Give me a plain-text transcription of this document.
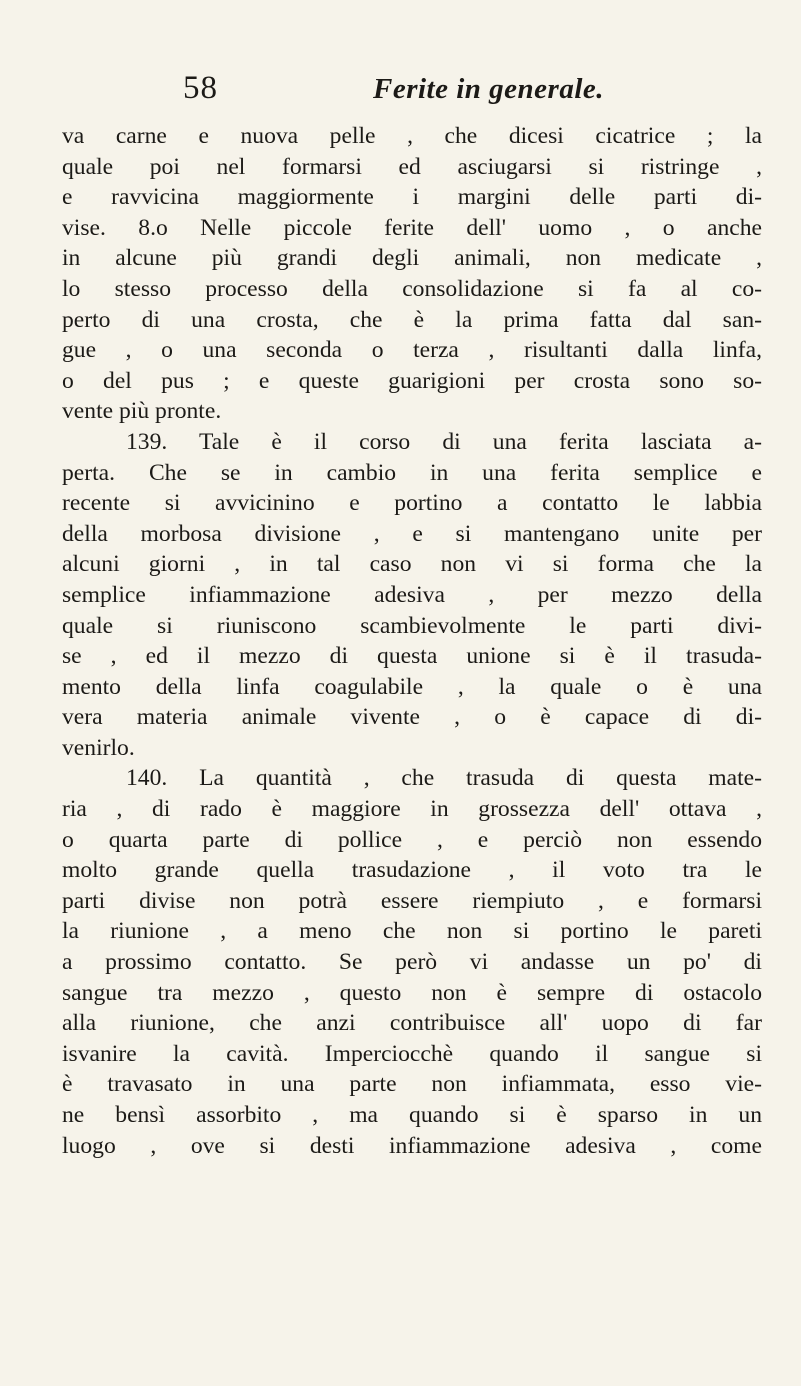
58	Ferite in generale.
va carne e nuova pelle , che dicesi cicatrice ; la
quale poi nel formarsi ed asciugarsi si ristringe ,
e ravvicina maggiormente i margini delle parti di-
vise. 8.o Nelle piccole ferite dell' uomo , o anche
in alcune più grandi degli animali, non medicate ,
lo stesso processo della consolidazione si fa al co-
perto di una crosta, che è la prima fatta dal san-
gue , o una seconda o terza , risultanti dalla linfa,
o del pus ; e queste guarigioni per crosta sono so-
vente più pronte.
139. Tale è il corso di una ferita lasciata a-
perta. Che se in cambio in una ferita semplice e
recente si avvicinino e portino a contatto le labbia
della morbosa divisione , e si mantengano unite per
alcuni giorni , in tal caso non vi si forma che la
semplice infiammazione adesiva , per mezzo della
quale si riuniscono scambievolmente le parti divi-
se , ed il mezzo di questa unione si è il trasuda-
mento della linfa coagulabile , la quale o è una
vera materia animale vivente , o è capace di di-
venirlo.
140. La quantità , che trasuda di questa mate-
ria , di rado è maggiore in grossezza dell' ottava ,
o quarta parte di pollice , e perciò non essendo
molto grande quella trasudazione , il voto tra le
parti divise non potrà essere riempiuto , e formarsi
la riunione , a meno che non si portino le pareti
a prossimo contatto. Se però vi andasse un po' di
sangue tra mezzo , questo non è sempre di ostacolo
alla riunione, che anzi contribuisce all' uopo di far
isvanire la cavità. Imperciocchè quando il sangue si
è travasato in una parte non infiammata, esso vie-
ne bensì assorbito , ma quando si è sparso in un
luogo , ove si desti infiammazione adesiva , come
